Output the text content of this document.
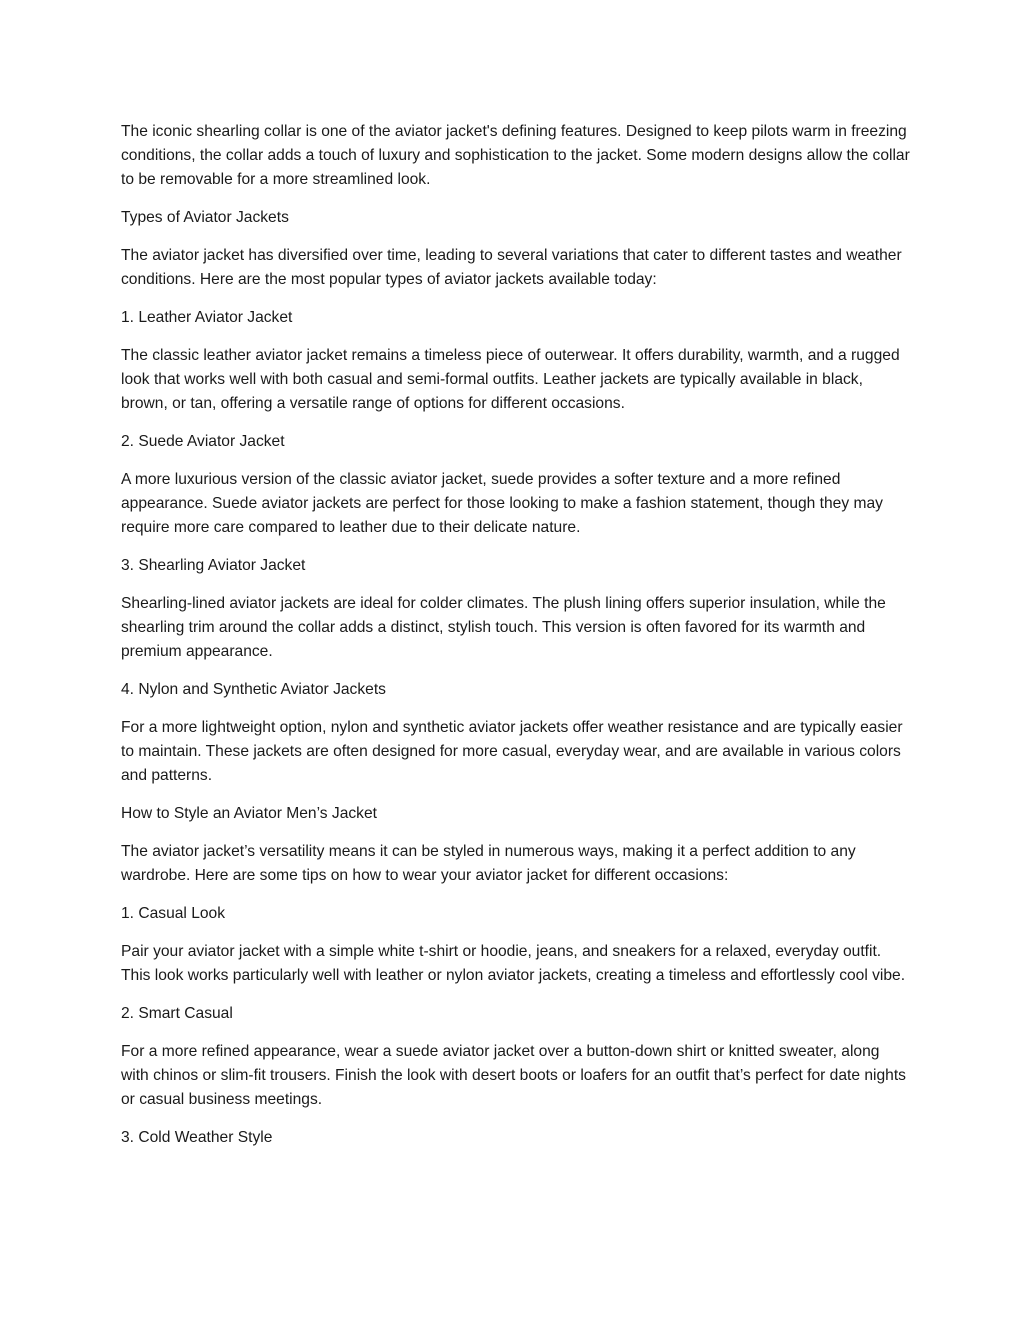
The iconic shearling collar is one of the aviator jacket's defining features. Designed to keep pilots warm in freezing conditions, the collar adds a touch of luxury and sophistication to the jacket. Some modern designs allow the collar to be removable for a more streamlined look.

Types of Aviator Jackets

The aviator jacket has diversified over time, leading to several variations that cater to different tastes and weather conditions. Here are the most popular types of aviator jackets available today:

1. Leather Aviator Jacket

The classic leather aviator jacket remains a timeless piece of outerwear. It offers durability, warmth, and a rugged look that works well with both casual and semi-formal outfits. Leather jackets are typically available in black, brown, or tan, offering a versatile range of options for different occasions.

2. Suede Aviator Jacket

A more luxurious version of the classic aviator jacket, suede provides a softer texture and a more refined appearance. Suede aviator jackets are perfect for those looking to make a fashion statement, though they may require more care compared to leather due to their delicate nature.

3. Shearling Aviator Jacket

Shearling-lined aviator jackets are ideal for colder climates. The plush lining offers superior insulation, while the shearling trim around the collar adds a distinct, stylish touch. This version is often favored for its warmth and premium appearance.

4. Nylon and Synthetic Aviator Jackets

For a more lightweight option, nylon and synthetic aviator jackets offer weather resistance and are typically easier to maintain. These jackets are often designed for more casual, everyday wear, and are available in various colors and patterns.

How to Style an Aviator Men’s Jacket

The aviator jacket’s versatility means it can be styled in numerous ways, making it a perfect addition to any wardrobe. Here are some tips on how to wear your aviator jacket for different occasions:

1. Casual Look

Pair your aviator jacket with a simple white t-shirt or hoodie, jeans, and sneakers for a relaxed, everyday outfit. This look works particularly well with leather or nylon aviator jackets, creating a timeless and effortlessly cool vibe.

2. Smart Casual

For a more refined appearance, wear a suede aviator jacket over a button-down shirt or knitted sweater, along with chinos or slim-fit trousers. Finish the look with desert boots or loafers for an outfit that’s perfect for date nights or casual business meetings.

3. Cold Weather Style
